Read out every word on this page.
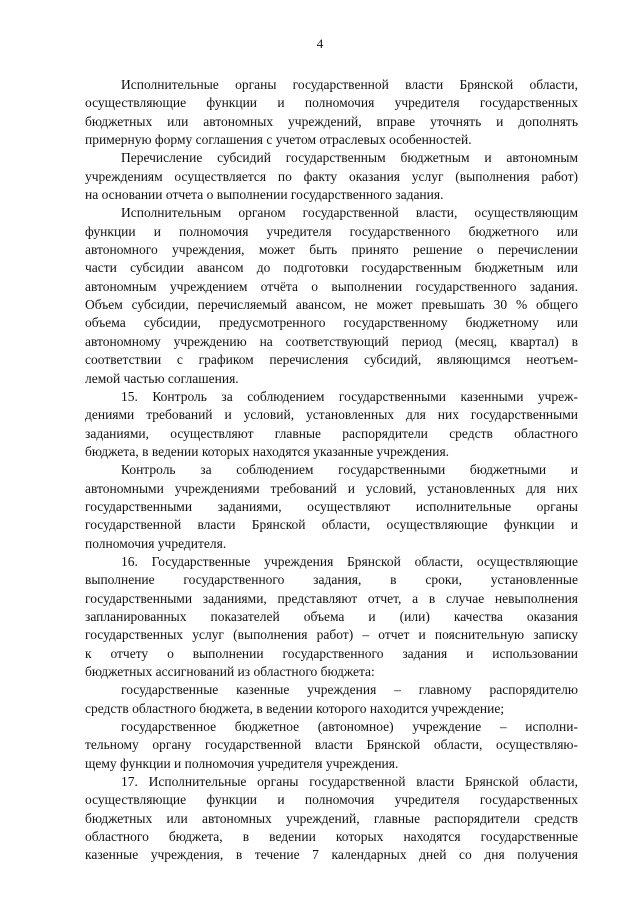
4
Исполнительные органы государственной власти Брянской области,
осуществляющие функции и полномочия учредителя государственных
бюджетных или автономных учреждений, вправе уточнять и дополнять
примерную форму соглашения с учетом отраслевых особенностей.
Перечисление субсидий государственным бюджетным и автономным
учреждениям осуществляется по факту оказания услуг (выполнения работ)
на основании отчета о выполнении государственного задания.
Исполнительным органом государственной власти, осуществляющим
функции и полномочия учредителя государственного бюджетного или
автономного учреждения, может быть принято решение о перечислении
части субсидии авансом до подготовки государственным бюджетным или
автономным учреждением отчёта о выполнении государственного задания.
Объем субсидии, перечисляемый авансом, не может превышать 30 % общего
объема субсидии, предусмотренного государственному бюджетному или
автономному учреждению на соответствующий период (месяц, квартал) в
соответствии с графиком перечисления субсидий, являющимся неотъем-
лемой частью соглашения.
15. Контроль за соблюдением государственными казенными учреж-
дениями требований и условий, установленных для них государственными
заданиями, осуществляют главные распорядители средств областного
бюджета, в ведении которых находятся указанные учреждения.
Контроль за соблюдением государственными бюджетными и
автономными учреждениями требований и условий, установленных для них
государственными заданиями, осуществляют исполнительные органы
государственной власти Брянской области, осуществляющие функции и
полномочия учредителя.
16. Государственные учреждения Брянской области, осуществляющие
выполнение государственного задания, в сроки, установленные
государственными заданиями, представляют отчет, а в случае невыполнения
запланированных показателей объема и (или) качества оказания
государственных услуг (выполнения работ) – отчет и пояснительную записку
к отчету о выполнении государственного задания и использовании
бюджетных ассигнований из областного бюджета:
государственные казенные учреждения – главному распорядителю
средств областного бюджета, в ведении которого находится учреждение;
государственное бюджетное (автономное) учреждение – исполни-
тельному органу государственной власти Брянской области, осуществляю-
щему функции и полномочия учредителя учреждения.
17. Исполнительные органы государственной власти Брянской области,
осуществляющие функции и полномочия учредителя государственных
бюджетных или автономных учреждений, главные распорядители средств
областного бюджета, в ведении которых находятся государственные
казенные учреждения, в течение 7 календарных дней со дня получения
